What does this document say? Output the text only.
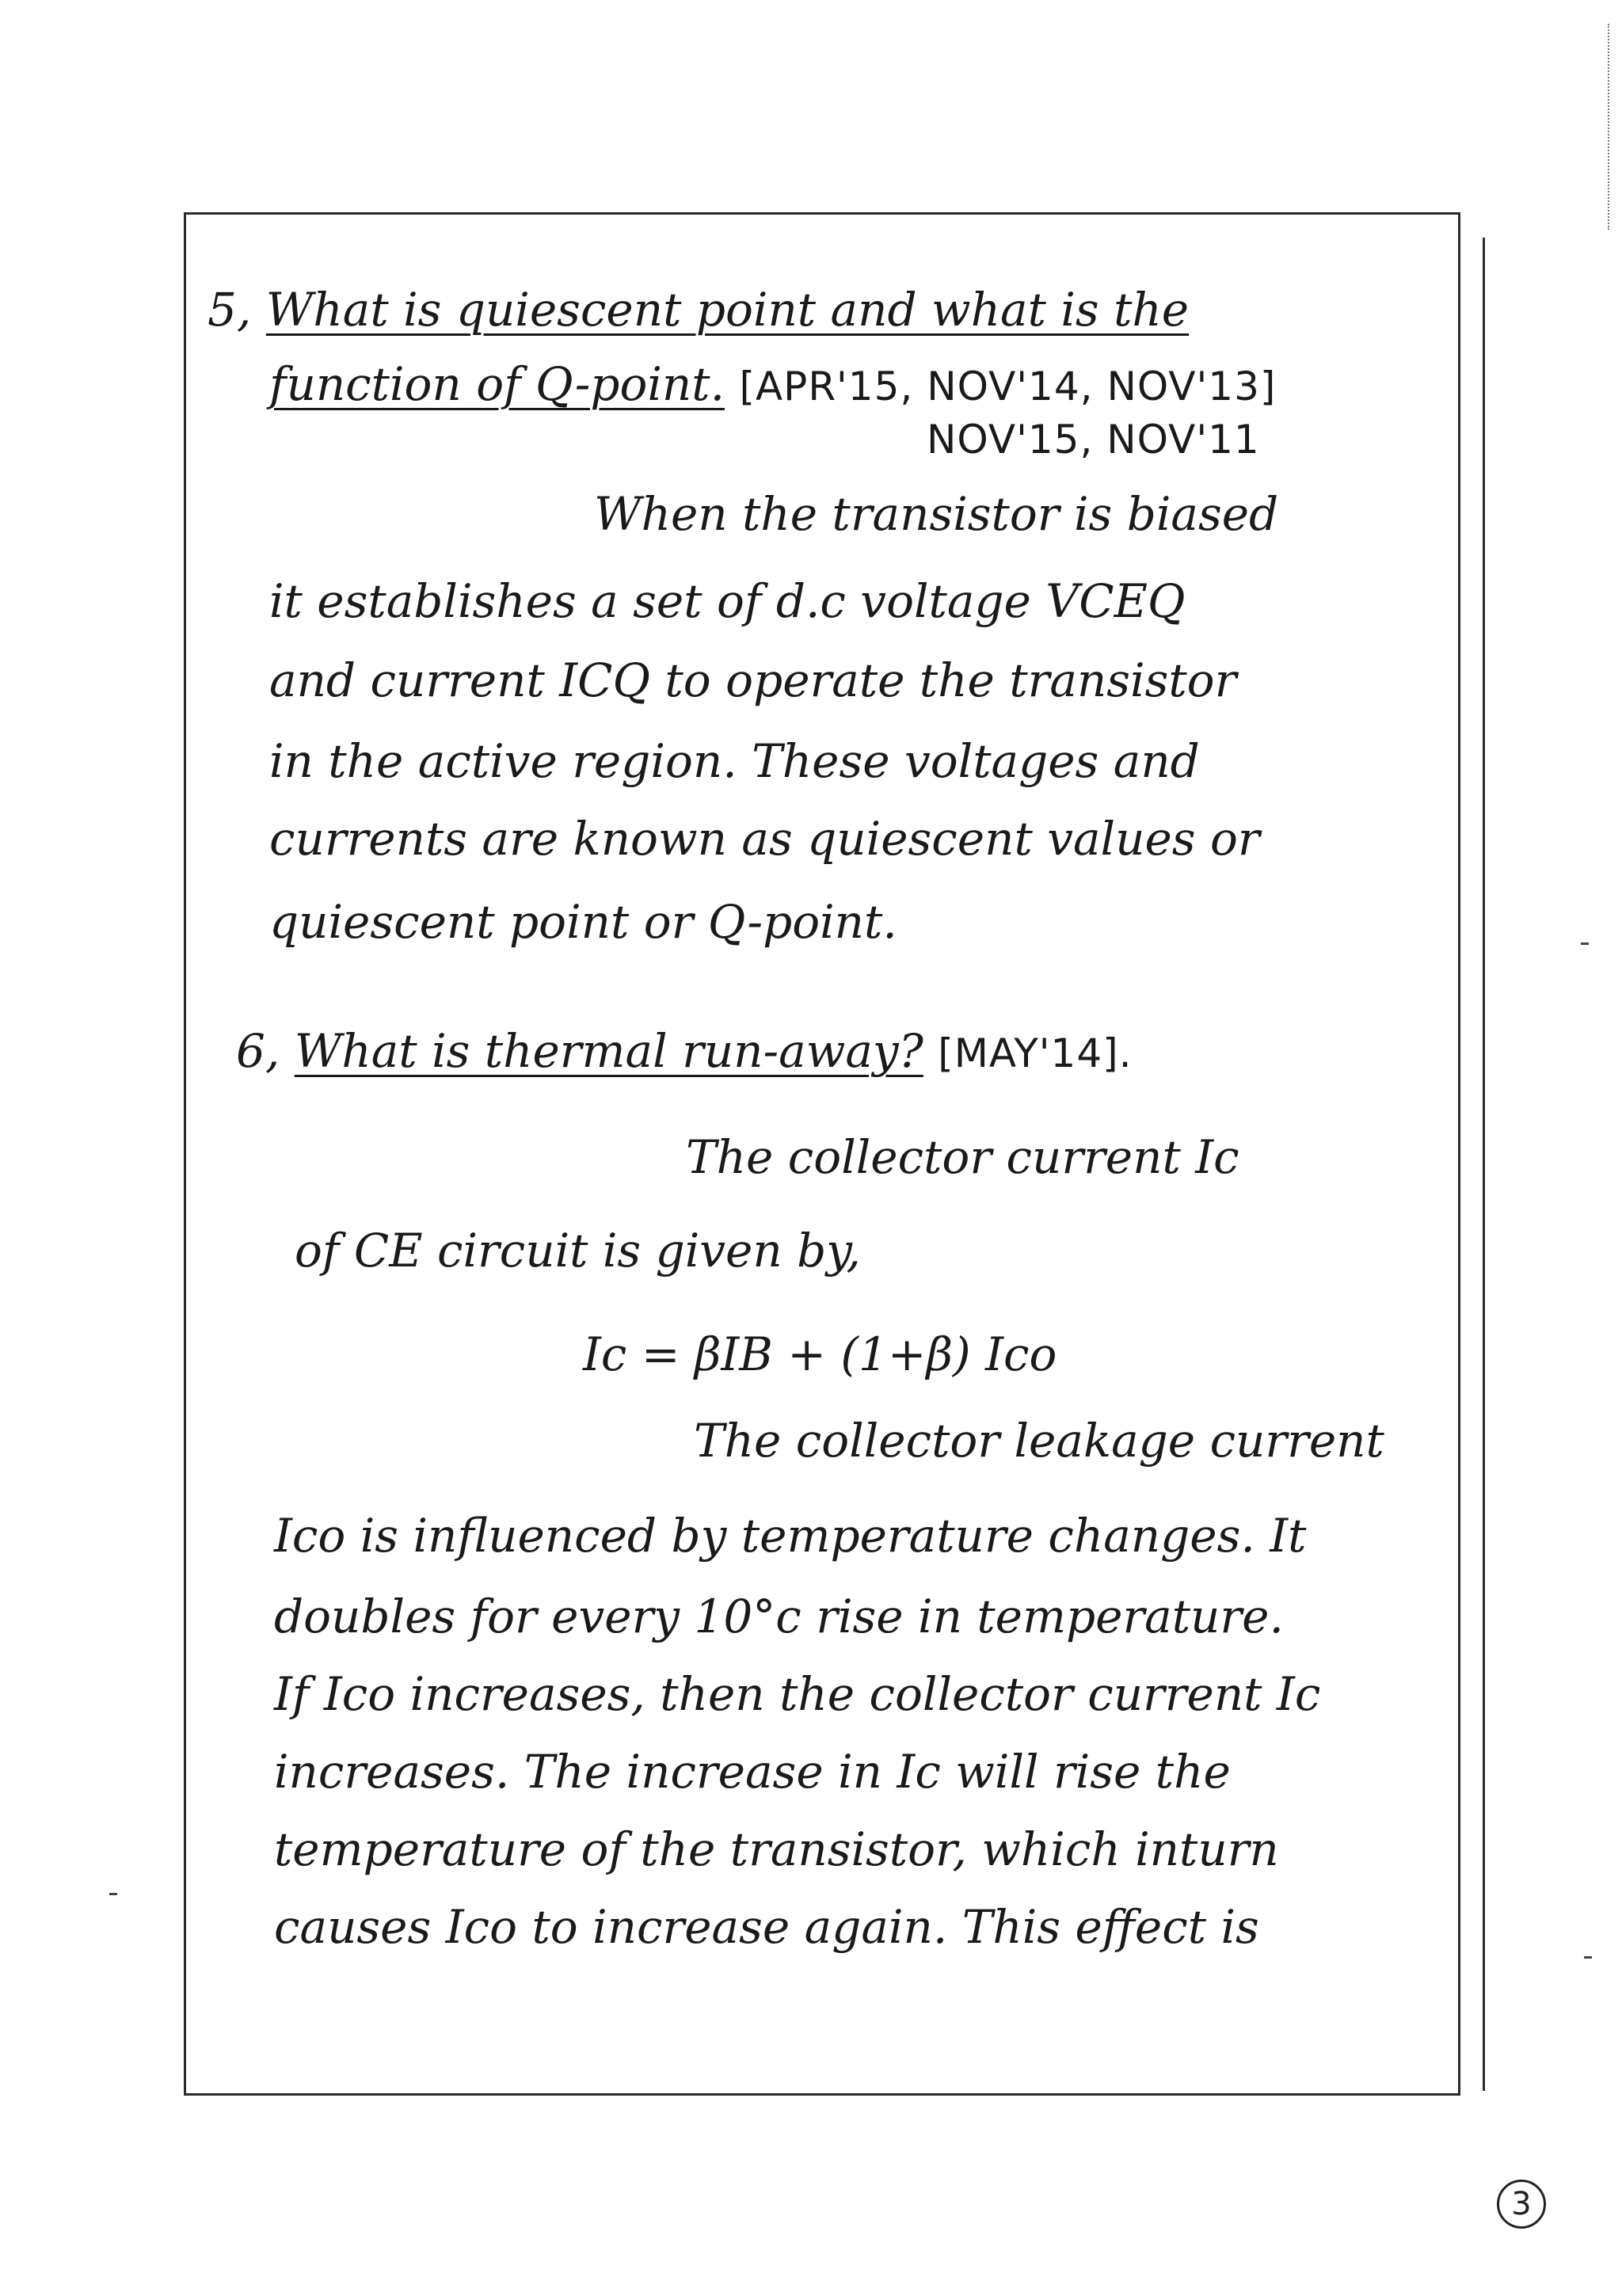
5, What is quiescent point and what is the
function of Q-point. [APR'15, NOV'14, NOV'13]
NOV'15, NOV'11
When the transistor is biased
it establishes a set of d.c voltage VCEQ
and current ICQ to operate the transistor
in the active region. These voltages and
currents are known as quiescent values or
quiescent point or Q-point.
6, What is thermal run-away? [MAY'14].
The collector current Ic
of CE circuit is given by,
Ic = βIB + (1+β) Ico
The collector leakage current
Ico is influenced by temperature changes. It
doubles for every 10°c rise in temperature.
If Ico increases, then the collector current Ic
increases. The increase in Ic will rise the
temperature of the transistor, which inturn
causes Ico to increase again. This effect is
3
